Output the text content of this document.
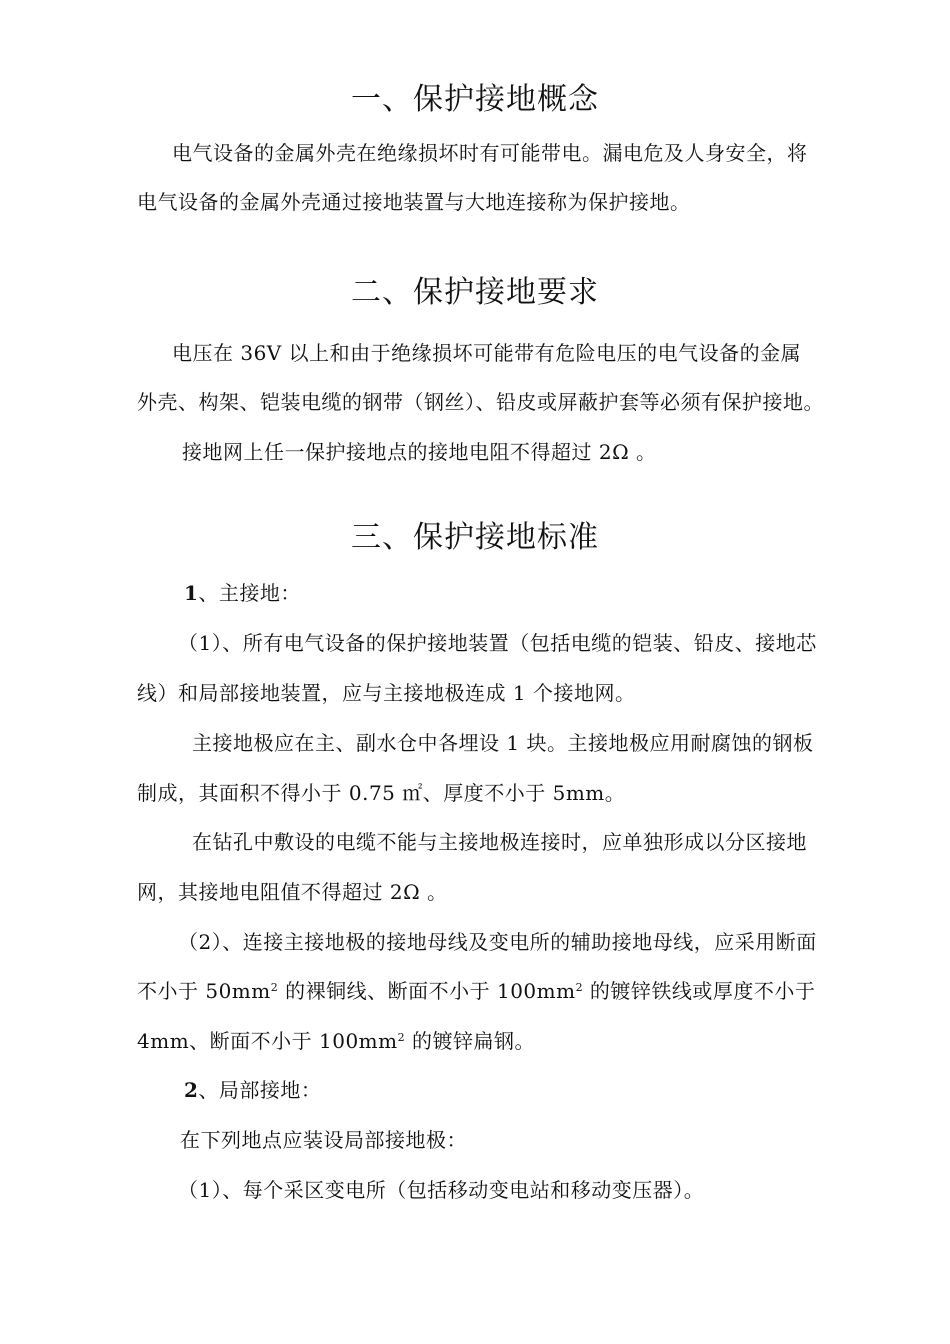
一、保护接地概念
电气设备的金属外壳在绝缘损坏时有可能带电。漏电危及人身安全，将
电气设备的金属外壳通过接地装置与大地连接称为保护接地。
二、保护接地要求
电压在 36V 以上和由于绝缘损坏可能带有危险电压的电气设备的金属
外壳、构架、铠装电缆的钢带（钢丝）、铅皮或屏蔽护套等必须有保护接地。
接地网上任一保护接地点的接地电阻不得超过 2Ω 。
三、保护接地标准
1、主接地：
（1）、所有电气设备的保护接地装置（包括电缆的铠装、铅皮、接地芯
线）和局部接地装置，应与主接地极连成 1 个接地网。
主接地极应在主、副水仓中各埋设 1 块。主接地极应用耐腐蚀的钢板
制成，其面积不得小于 0.75 ㎡、厚度不小于 5mm。
在钻孔中敷设的电缆不能与主接地极连接时，应单独形成以分区接地
网，其接地电阻值不得超过 2Ω 。
（2）、连接主接地极的接地母线及变电所的辅助接地母线，应采用断面
不小于 $50mm^2$ 的裸铜线、断面不小于 $100mm^2$ 的镀锌铁线或厚度不小于
4mm、断面不小于 $100mm^2$ 的镀锌扁钢。
2、局部接地：
在下列地点应装设局部接地极：
（1）、每个采区变电所（包括移动变电站和移动变压器）。
